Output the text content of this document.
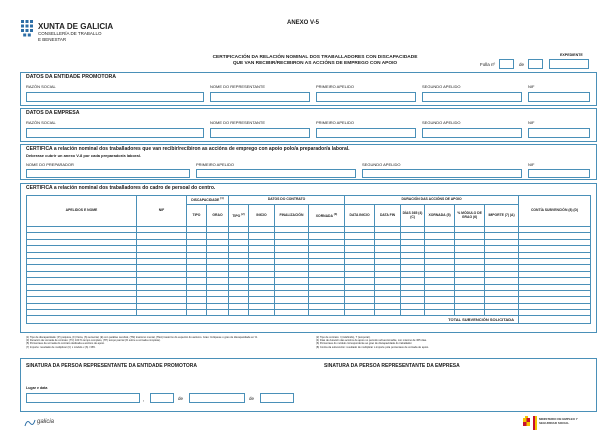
XUNTA DE GALICIA
CONSELLERÍA DE TRABALLO
E BENESTAR
ANEXO V-5
CERTIFICACIÓN DA RELACIÓN NOMINAL DOS TRABALLADORES CON DISCAPACIDADE
QUE VAN RECIBIR/RECIBIRON AS ACCIÓNS DE EMPREGO CON APOIO	Folla nº	de
EXPEDIENTE
DATOS DA ENTIDADE PROMOTORA
RAZÓN SOCIAL	NOME DO REPRESENTANTE	PRIMEIRO APELIDO	SEGUNDO APELIDO	NIF
DATOS DA EMPRESA
RAZÓN SOCIAL	NOME DO REPRESENTANTE	PRIMEIRO APELIDO	SEGUNDO APELIDO	NIF
CERTIFICA a relación nominal dos traballadores que van recibir/recibiron as accións de emprego con apoio polo/a preparador/a laboral.
Deberase cubrir un anexo V-8 por cada preparador/a laboral.
NOME DO PREPARADOR	PRIMEIRO APELIDO	SEGUNDO APELIDO	NIF
CERTIFICA a relación nominal dos traballadores do cadro de persoal do centro.
APELIDOS E NOME	NIF	DISCAPACIDADE $^{(1)}$		DATOS DO CONTRATO				DURACIÓN DAS ACCIÓNS DE APOIO						CONTÍA SUBVENCIÓN (8) (D)
		TIPO	GRAO	TIPO $^{(2)}$	INICIO	FINALIZACIÓN	XORNADA $^{(3)}$	DATA INICIO	DATA FIN	DÍAS 365 (4) (C)	XORNADA (5)	% MÓDULO DE GRAO (6)	IMPORTE (7) (A)	

TOTAL SUBVENCIÓN SOLICITADA														
(1) Tipo de discapacidade: (P) psíquica, (F) física, (S) sensorial, (E) con parálise cerebral, (TM) trastorno mental, (TEA) trastorno do espectro do autismo. Grao: Indíquese o grao de discapacidade en %.
(3) Duración da xornada de contrato: (TC) 100 % tempo completo, (TP) tempo parcial (% sobre a xornada completa).
(5) Porcentaxe da xornada do contrato dedicada a accións de apoio.
(7) Importe: resultado de multiplicar (C) x módulo x (6) / 365.
(2) Tipo de contrato: I (indefinido), T (temporal).
(4) Días de duración das accións de apoio no período subvencionable, con máximo de 365 días.
(6) Porcentaxe do módulo correspondente ao grao de discapacidade do traballador.
(8) Contía da subvención: resultado de multiplicar o importe pola porcentaxe de xornada de apoio.
SINATURA DA PERSOA REPRESENTANTE DA ENTIDADE PROMOTORA	SINATURA DA PERSOA REPRESENTANTE DA EMPRESA
Lugar e data
,	de	de
galicia	MINISTERIO DE EMPLEO Y SEGURIDAD SOCIAL
